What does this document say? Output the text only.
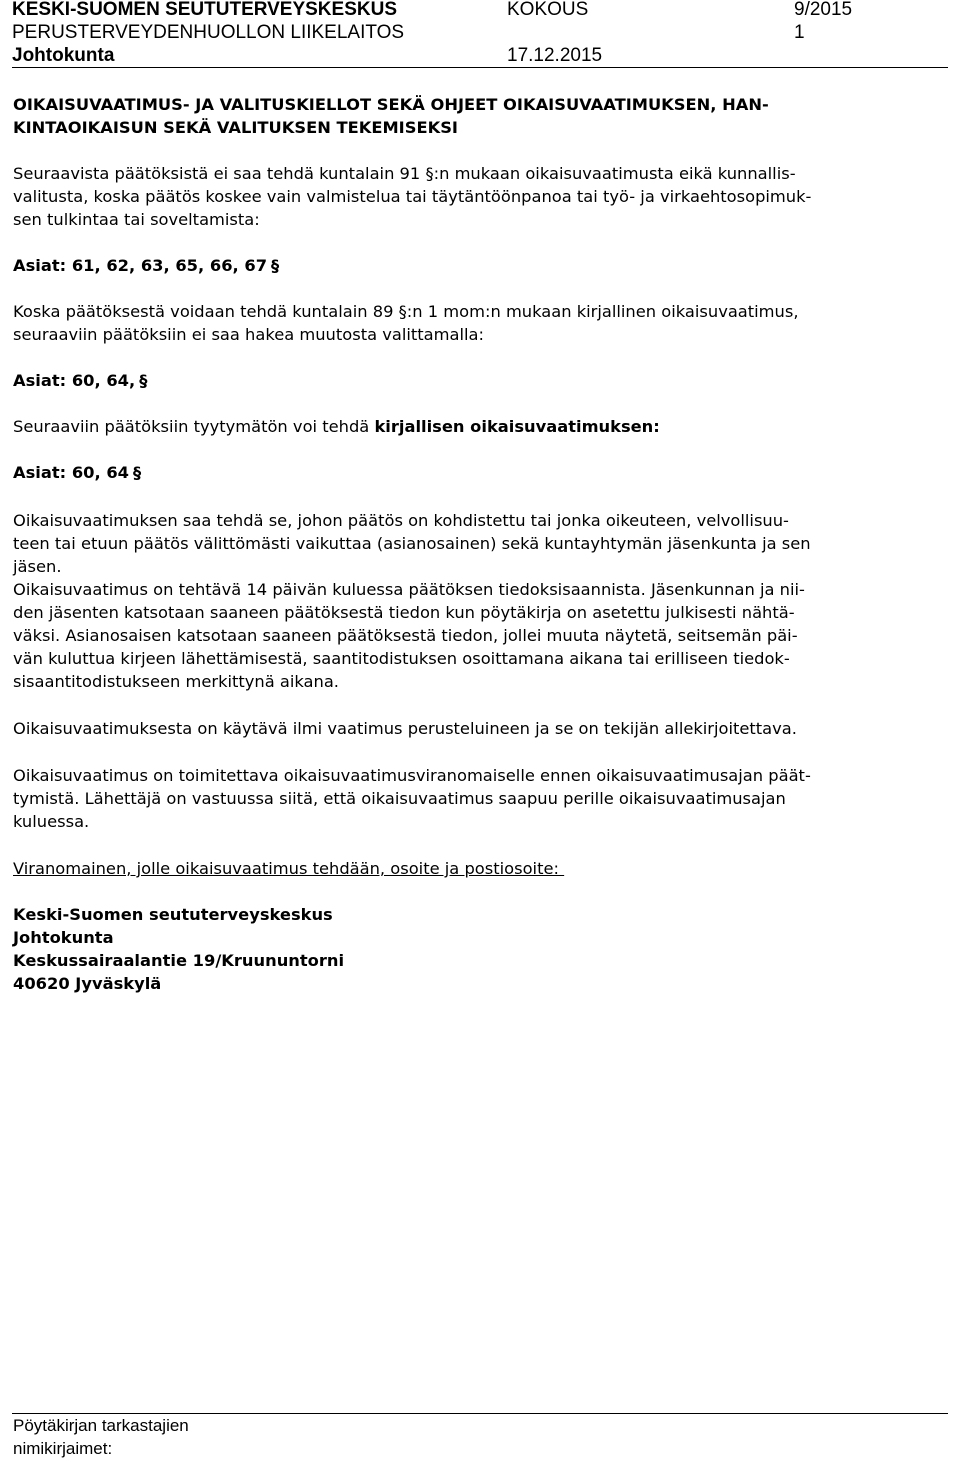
KESKI-SUOMEN SEUTUTERVEYSKESKUS	KOKOUS	9/2015
PERUSTERVEYDENHUOLLON LIIKELAITOS	1
Johtokunta	17.12.2015
OIKAISUVAATIMUS- JA VALITUSKIELLOT SEKÄ OHJEET OIKAISUVAATIMUKSEN, HAN-
KINTAOIKAISUN SEKÄ VALITUKSEN TEKEMISEKSI
Seuraavista päätöksistä ei saa tehdä kuntalain 91 §:n mukaan oikaisuvaatimusta eikä kunnallis-
valitusta, koska päätös koskee vain valmistelua tai täytäntöönpanoa tai työ- ja virkaehtosopimuk-
sen tulkintaa tai soveltamista:
Asiat: 61, 62, 63, 65, 66, 67 §
Koska päätöksestä voidaan tehdä kuntalain 89 §:n 1 mom:n mukaan kirjallinen oikaisuvaatimus,
seuraaviin päätöksiin ei saa hakea muutosta valittamalla:
Asiat: 60, 64, §
Seuraaviin päätöksiin tyytymätön voi tehdä kirjallisen oikaisuvaatimuksen:
Asiat: 60, 64 §
Oikaisuvaatimuksen saa tehdä se, johon päätös on kohdistettu tai jonka oikeuteen, velvollisuu-
teen tai etuun päätös välittömästi vaikuttaa (asianosainen) sekä kuntayhtymän jäsenkunta ja sen
jäsen.
Oikaisuvaatimus on tehtävä 14 päivän kuluessa päätöksen tiedoksisaannista. Jäsenkunnan ja nii-
den jäsenten katsotaan saaneen päätöksestä tiedon kun pöytäkirja on asetettu julkisesti nähtä-
väksi. Asianosaisen katsotaan saaneen päätöksestä tiedon, jollei muuta näytetä, seitsemän päi-
vän kuluttua kirjeen lähettämisestä, saantitodistuksen osoittamana aikana tai erilliseen tiedok-
sisaantitodistukseen merkittynä aikana.
Oikaisuvaatimuksesta on käytävä ilmi vaatimus perusteluineen ja se on tekijän allekirjoitettava.
Oikaisuvaatimus on toimitettava oikaisuvaatimusviranomaiselle ennen oikaisuvaatimusajan päät-
tymistä. Lähettäjä on vastuussa siitä, että oikaisuvaatimus saapuu perille oikaisuvaatimusajan
kuluessa.
Viranomainen, jolle oikaisuvaatimus tehdään, osoite ja postiosoite:
Keski-Suomen seututerveyskeskus
Johtokunta
Keskussairaalantie 19/Kruununtorni
40620 Jyväskylä
Pöytäkirjan tarkastajien
nimikirjaimet:
